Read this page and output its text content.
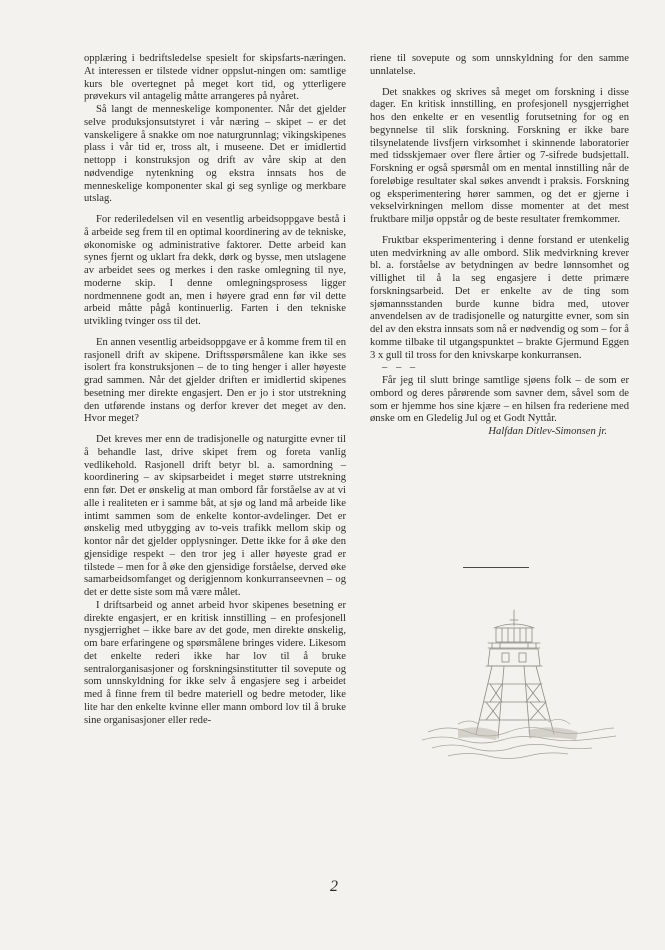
opplæring i bedriftsledelse spesielt for skipsfarts-næringen. At interessen er tilstede vidner oppslut-ningen om: samtlige kurs ble overtegnet på meget kort tid, og ytterligere prøvekurs vil antagelig måtte arrangeres på nyåret.

Så langt de menneskelige komponenter. Når det gjelder selve produksjonsutstyret i vår næring – skipet – er det vanskeligere å snakke om noe naturgrunnlag; vikingskipenes plass i vår tid er, tross alt, i museene. Det er imidlertid nettopp i konstruksjon og drift av våre skip at den nødvendige nytenkning og ekstra innsats hos de menneskelige komponenter skal gi seg synlige og merkbare utslag.

For rederiledelsen vil en vesentlig arbeidsoppgave bestå i å arbeide seg frem til en optimal koordinering av de tekniske, økonomiske og administrative faktorer. Dette arbeid kan synes fjernt og uklart fra dekk, dørk og bysse, men utslagene av arbeidet sees og merkes i den raske omlegning til nye, moderne skip. I denne omlegningsprosess ligger nordmennene godt an, men i høyere grad enn før vil dette arbeid måtte pågå kontinuerlig. Farten i den tekniske utvikling tvinger oss til det.

En annen vesentlig arbeidsoppgave er å komme frem til en rasjonell drift av skipene. Driftsspørsmålene kan ikke ses isolert fra konstruksjonen – de to ting henger i aller høyeste grad sammen. Når det gjelder driften er imidlertid skipenes besetning mer direkte engasjert. Den er jo i stor utstrekning den utførende instans og derfor krever det meget av den. Hvor meget?

Det kreves mer enn de tradisjonelle og naturgitte evner til å behandle last, drive skipet frem og foreta vanlig vedlikehold. Rasjonell drift betyr bl. a. samordning – koordinering – av skipsarbeidet i meget større utstrekning enn før. Det er ønskelig at man ombord får forståelse av at vi alle i realiteten er i samme båt, at sjø og land må arbeide like intimt sammen som de enkelte kontor-avdelinger. Det er ønskelig med utbygging av to-veis trafikk mellom skip og kontor når det gjelder opplysninger. Dette ikke for å øke den gjensidige respekt – den tror jeg i aller høyeste grad er tilstede – men for å øke den gjensidige forståelse, derved øke samarbeidsomfanget og derigjennom konkurranseevnen – og det er dette siste som må være målet.

I driftsarbeid og annet arbeid hvor skipenes besetning er direkte engasjert, er en kritisk innstilling – en profesjonell nysgjerrighet – ikke bare av det gode, men direkte ønskelig, om bare erfaringene og spørsmålene bringes videre. Likesom det enkelte rederi ikke har lov til å bruke sentralorganisasjoner og forskningsinstitutter til sovepute og som unnskyldning for ikke selv å engasjere seg i arbeidet med å finne frem til bedre materiell og bedre metoder, like lite har den enkelte kvinne eller mann ombord lov til å bruke sine organisasjoner eller rede-

riene til sovepute og som unnskyldning for den samme unnlatelse.

Det snakkes og skrives så meget om forskning i disse dager. En kritisk innstilling, en profesjonell nysgjerrighet hos den enkelte er en vesentlig forutsetning for og en begynnelse til slik forskning. Forskning er ikke bare tilsynelatende livsfjern virksomhet i skinnende laboratorier med tidsskjemaer over flere årtier og 7-sifrede budsjettall. Forskning er også spørsmål om en mental innstilling når de foreløbige resultater skal søkes anvendt i praksis. Forskning og eksperimentering hører sammen, og det er gjerne i vekselvirkningen mellom disse momenter at det mest fruktbare miljø oppstår og de beste resultater fremkommer.

Fruktbar eksperimentering i denne forstand er utenkelig uten medvirkning av alle ombord. Slik medvirkning krever bl. a. forståelse av betydningen av bedre lønnsomhet og villighet til å la seg engasjere i dette primære forskningsarbeid. Det er enkelte av de ting som sjømannsstanden burde kunne bidra med, utover anvendelsen av de tradisjonelle og naturgitte evner, som sin del av den ekstra innsats som nå er nødvendig og som – for å komme tilbake til utgangspunktet – brakte Gjermund Eggen 3 x gull til tross for den knivskarpe konkurransen.

– – –

Får jeg til slutt bringe samtlige sjøens folk – de som er ombord og deres pårørende som savner dem, såvel som de som er hjemme hos sine kjære – en hilsen fra rederiene med ønske om en Gledelig Jul og et Godt Nyttår.

Halfdan Ditlev-Simonsen jr.

2
